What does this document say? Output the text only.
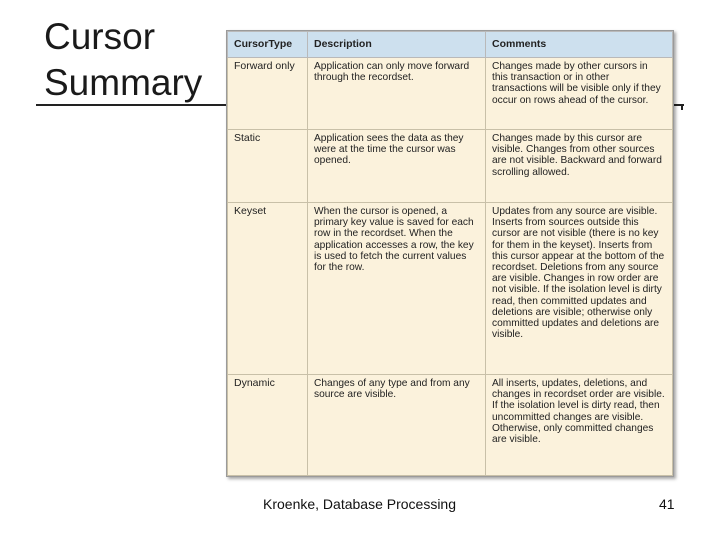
Cursor
Summary
CursorType	Description	Comments
Forward only	Application can only move forward through the recordset.	Changes made by other cursors in this transaction or in other transactions will be visible only if they occur on rows ahead of the cursor.
Static	Application sees the data as they were at the time the cursor was opened.	Changes made by this cursor are visible. Changes from other sources are not visible. Backward and forward scrolling allowed.
Keyset	When the cursor is opened, a primary key value is saved for each row in the recordset. When the application accesses a row, the key is used to fetch the current values for the row.	Updates from any source are visible. Inserts from sources outside this cursor are not visible (there is no key for them in the keyset). Inserts from this cursor appear at the bottom of the recordset. Deletions from any source are visible. Changes in row order are not visible. If the isolation level is dirty read, then committed updates and deletions are visible; otherwise only committed updates and deletions are visible.
Dynamic	Changes of any type and from any source are visible.	All inserts, updates, deletions, and changes in recordset order are visible. If the isolation level is dirty read, then uncommitted changes are visible. Otherwise, only committed changes are visible.
Kroenke, Database Processing	41
